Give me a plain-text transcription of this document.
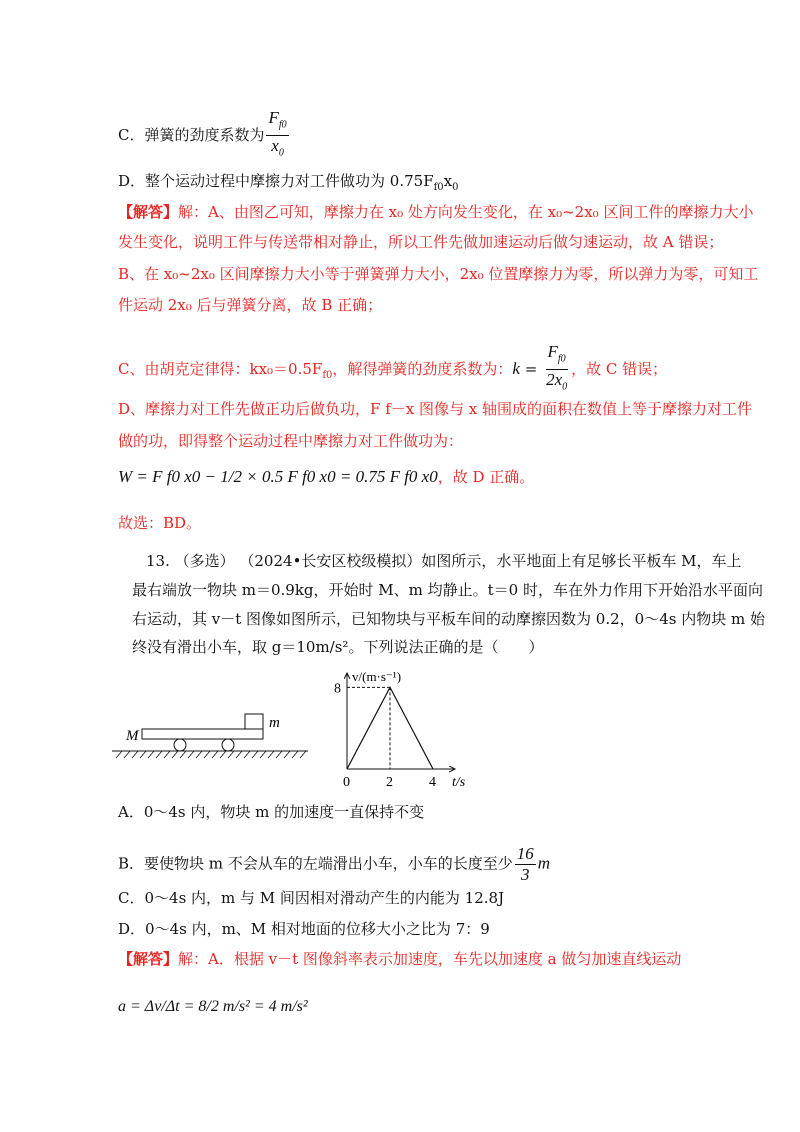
C．弹簧的劲度系数为 $\frac{F_{f0}}{x_0}$
D．整个运动过程中摩擦力对工件做功为 $0.75F_{f0}x_0$
【解答】解：A、由图乙可知，摩擦力在 x₀ 处方向发生变化，在 x₀~2x₀ 区间工件的摩擦力大小
发生变化，说明工件与传送带相对静止，所以工件先做加速运动后做匀速运动，故 A 错误；
B、在 x₀~2x₀ 区间摩擦力大小等于弹簧弹力大小，2x₀ 位置摩擦力为零，所以弹力为零，可知工
件运动 2x₀ 后与弹簧分离，故 B 正确；
C、由胡克定律得：$kx_0=0.5F_{f0}$，解得弹簧的劲度系数为：$k = \frac{F_{f0}}{2x_0}$ ，故 C 错误；
D、摩擦力对工件先做正功后做负功，F f－x 图像与 x 轴围成的面积在数值上等于摩擦力对工件
做的功，即得整个运动过程中摩擦力对工件做功为：
W = F f0 x0 − 1/2 × 0.5 F f0 x0 = 0.75 F f0 x0，故 D 正确。
故选：BD。
13. （多选） （2024•长安区校级模拟）如图所示，水平地面上有足够长平板车 M，车上
最右端放一物块 m＝0.9kg，开始时 M、m 均静止。t＝0 时，车在外力作用下开始沿水平面向
右运动，其 v－t 图像如图所示，已知物块与平板车间的动摩擦因数为 0.2，0～4s 内物块 m 始
终没有滑出小车，取 g＝10m/s²。下列说法正确的是（　　）
m
M
v/(m·s⁻¹)
t/s
0	2	4
8
A．0～4s 内，物块 m 的加速度一直保持不变
B．要使物块 m 不会从车的左端滑出小车，小车的长度至少 $\frac{16}{3}$ m
C．0～4s 内，m 与 M 间因相对滑动产生的内能为 12.8J
D．0～4s 内，m、M 相对地面的位移大小之比为 7：9
【解答】解：A．根据 v－t 图像斜率表示加速度，车先以加速度 a 做匀加速直线运动
a = Δv/Δt = 8/2 m/s² = 4 m/s²
